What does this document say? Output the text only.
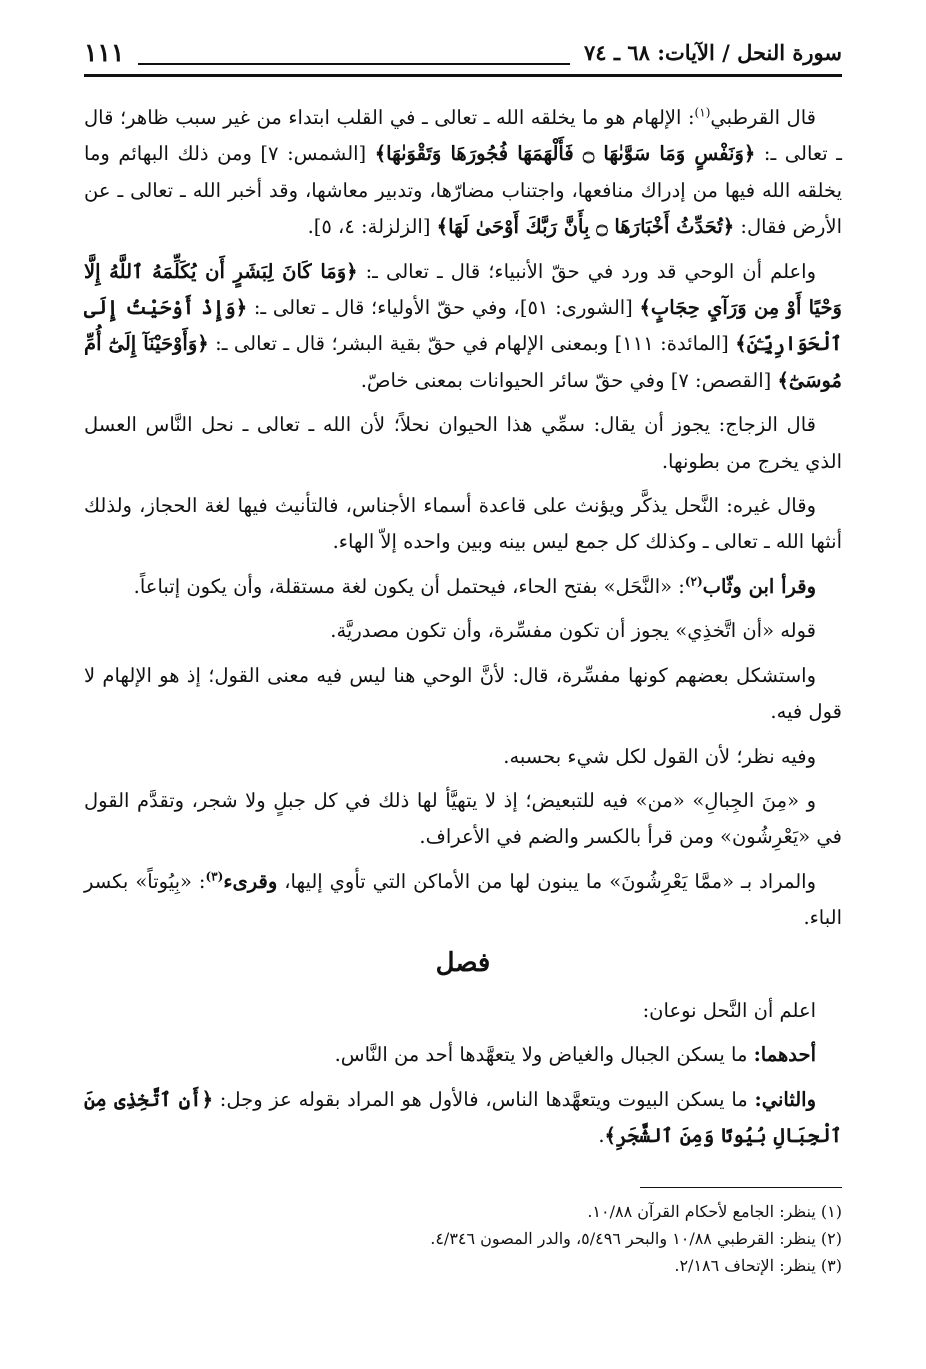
سورة النحل / الآيات: ٦٨ ـ ٧٤
١١١

قال القرطبي$^{(١)}$: الإلهام هو ما يخلقه الله ـ تعالى ـ في القلب ابتداء من غير سبب ظاهر؛ قال ـ تعالى ـ: ﴿وَنَفْسٍ وَمَا سَوَّىٰهَا ۝ فَأَلْهَمَهَا فُجُورَهَا وَتَقْوَىٰهَا﴾ [الشمس: ٧] ومن ذلك البهائم وما يخلقه الله فيها من إدراك منافعها، واجتناب مضارّها، وتدبير معاشها، وقد أخبر الله ـ تعالى ـ عن الأرض فقال: ﴿تُحَدِّثُ أَخْبَارَهَا ۝ بِأَنَّ رَبَّكَ أَوْحَىٰ لَهَا﴾ [الزلزلة: ٤، ٥].

واعلم أن الوحي قد ورد في حقّ الأنبياء؛ قال ـ تعالى ـ: ﴿وَمَا كَانَ لِبَشَرٍ أَن يُكَلِّمَهُ ٱللَّهُ إِلَّا وَحْيًا أَوْ مِن وَرَآيِ حِجَابٍ﴾ [الشورى: ٥١]، وفي حقّ الأولياء؛ قال ـ تعالى ـ: ﴿وَإِذْ أَوْحَيْتُ إِلَى ٱلْحَوَارِيِّـۧنَ﴾ [المائدة: ١١١] وبمعنى الإلهام في حقّ بقية البشر؛ قال ـ تعالى ـ: ﴿وَأَوْحَيْنَآ إِلَىٰٓ أُمِّ مُوسَىٰٓ﴾ [القصص: ٧] وفي حقّ سائر الحيوانات بمعنى خاصّ.

قال الزجاج: يجوز أن يقال: سمِّي هذا الحيوان نحلاً؛ لأن الله ـ تعالى ـ نحل النَّاس العسل الذي يخرج من بطونها.

وقال غيره: النَّحل يذكَّر ويؤنث على قاعدة أسماء الأجناس، فالتأنيث فيها لغة الحجاز، ولذلك أنثها الله ـ تعالى ـ وكذلك كل جمع ليس بينه وبين واحده إلاّ الهاء.

وقرأ ابن وثّاب$^{(٢)}$: «النَّحَل» بفتح الحاء، فيحتمل أن يكون لغة مستقلة، وأن يكون إتباعاً.

قوله «أن اتَّخذِي» يجوز أن تكون مفسِّرة، وأن تكون مصدريَّة.

واستشكل بعضهم كونها مفسِّرة، قال: لأنَّ الوحي هنا ليس فيه معنى القول؛ إذ هو الإلهام لا قول فيه.

وفيه نظر؛ لأن القول لكل شيء بحسبه.

و «مِنَ الجِبالِ» «من» فيه للتبعيض؛ إذ لا يتهيَّأ لها ذلك في كل جبلٍ ولا شجر، وتقدَّم القول في «يَعْرِشُون» ومن قرأ بالكسر والضم في الأعراف.

والمراد بـ «ممَّا يَعْرِشُونَ» ما يبنون لها من الأماكن التي تأوي إليها، وقرىء$^{(٣)}$: «بِيُوتاً» بكسر الباء.

فصل

اعلم أن النَّحل نوعان:

أحدهما: ما يسكن الجبال والغياض ولا يتعهَّدها أحد من النَّاس.

والثاني: ما يسكن البيوت ويتعهَّدها الناس، فالأول هو المراد بقوله عز وجل: ﴿أَنِ ٱتَّخِذِى مِنَ ٱلْجِبَالِ بُيُوتًا وَمِنَ ٱلشَّجَرِ﴾.

(١) ينظر: الجامع لأحكام القرآن ١٠/٨٨.
(٢) ينظر: القرطبي ١٠/٨٨ والبحر ٥/٤٩٦، والدر المصون ٤/٣٤٦.
(٣) ينظر: الإتحاف ٢/١٨٦.
